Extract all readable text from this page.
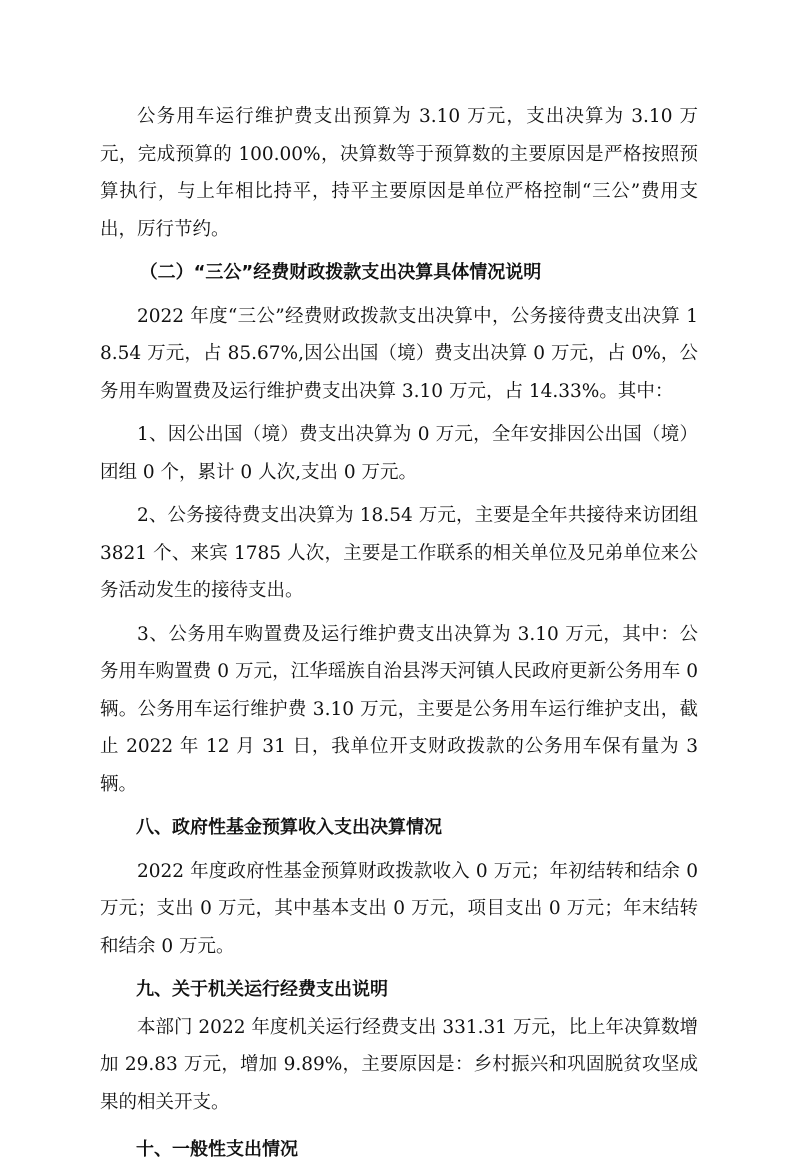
公务用车运行维护费支出预算为 3.10 万元，支出决算为 3.10 万元，完成预算的 100.00%，决算数等于预算数的主要原因是严格按照预算执行，与上年相比持平，持平主要原因是单位严格控制“三公”费用支出，厉行节约。

（二）“三公”经费财政拨款支出决算具体情况说明

2022 年度“三公”经费财政拨款支出决算中，公务接待费支出决算 18.54 万元，占 85.67%,因公出国（境）费支出决算 0 万元，占 0%，公务用车购置费及运行维护费支出决算 3.10 万元，占 14.33%。其中：

1、因公出国（境）费支出决算为 0 万元，全年安排因公出国（境）团组 0 个，累计 0 人次,支出 0 万元。

2、公务接待费支出决算为 18.54 万元，主要是全年共接待来访团组 3821 个、来宾 1785 人次，主要是工作联系的相关单位及兄弟单位来公务活动发生的接待支出。

3、公务用车购置费及运行维护费支出决算为 3.10 万元，其中：公务用车购置费 0 万元，江华瑶族自治县涔天河镇人民政府更新公务用车 0 辆。公务用车运行维护费 3.10 万元，主要是公务用车运行维护支出，截止 2022 年 12 月 31 日，我单位开支财政拨款的公务用车保有量为 3 辆。

八、政府性基金预算收入支出决算情况

2022 年度政府性基金预算财政拨款收入 0 万元；年初结转和结余 0 万元；支出 0 万元，其中基本支出 0 万元，项目支出 0 万元；年末结转和结余 0 万元。

九、关于机关运行经费支出说明

本部门 2022 年度机关运行经费支出 331.31 万元，比上年决算数增加 29.83 万元，增加 9.89%，主要原因是：乡村振兴和巩固脱贫攻坚成果的相关开支。

十、一般性支出情况
